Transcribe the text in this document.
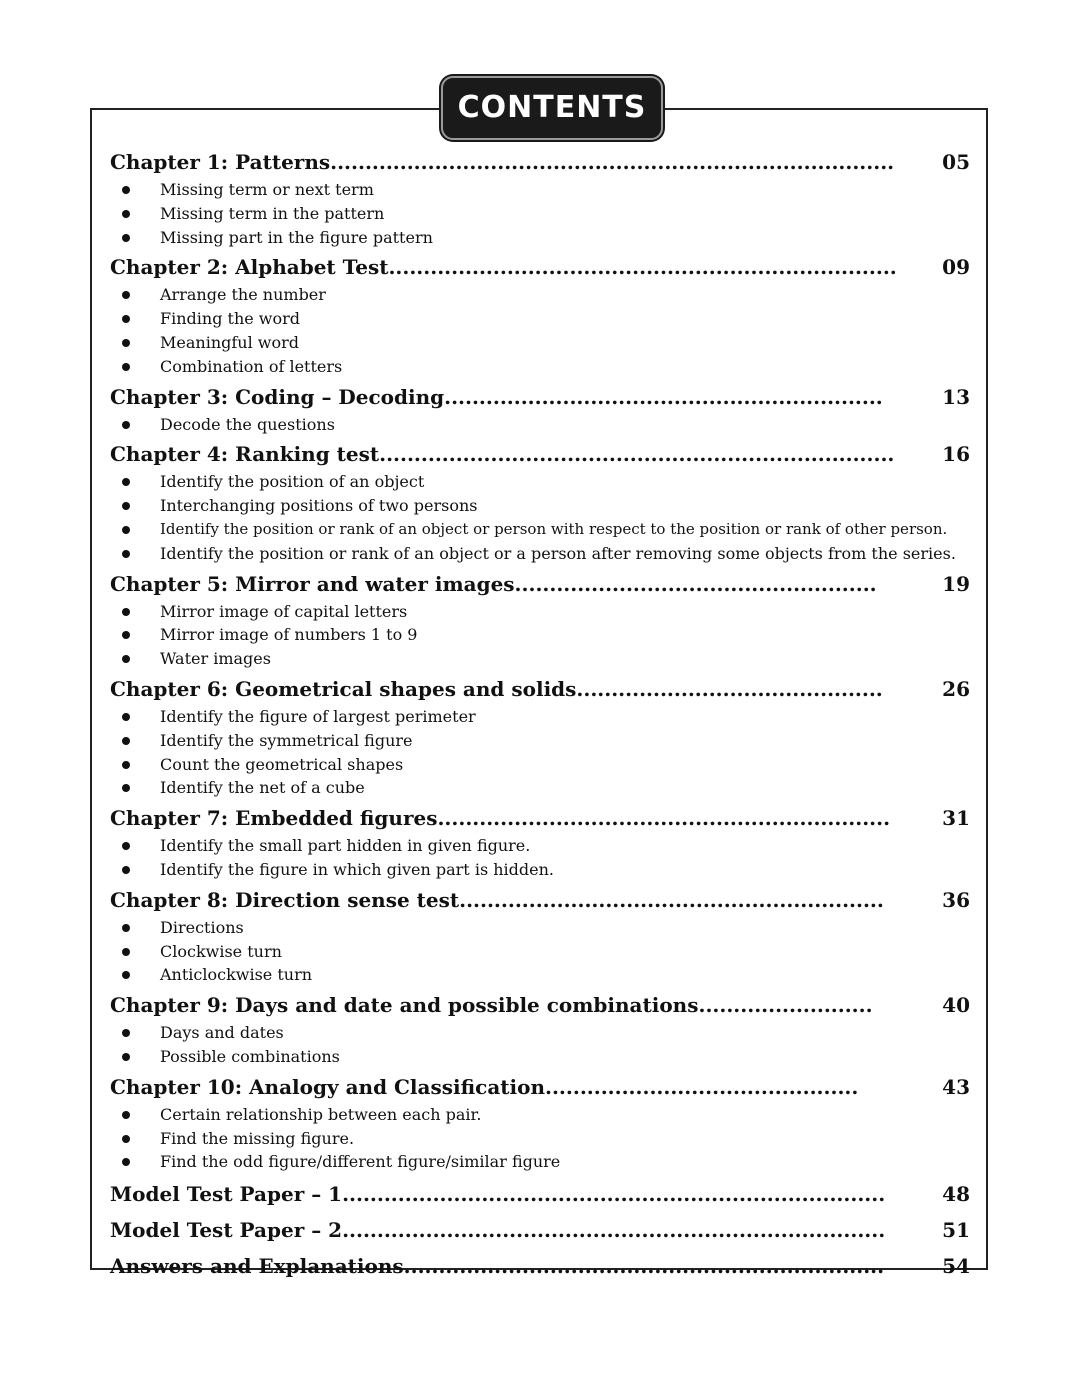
CONTENTS
Chapter 1: Patterns................................................................................. 05
Missing term or next term
Missing term in the pattern
Missing part in the figure pattern
Chapter 2: Alphabet Test......................................................................... 09
Arrange the number
Finding the word
Meaningful word
Combination of letters
Chapter 3: Coding – Decoding...............................................................	13
Decode the questions
Chapter 4: Ranking test.......................................................................... 16
Identify the position of an object
Interchanging positions of two persons
Identify the position or rank of an object or person with respect to the position or rank of other person.
Identify the position or rank of an object or a person after removing some objects from the series.
Chapter 5: Mirror and water images....................................................	19
Mirror image of capital letters
Mirror image of numbers 1 to 9
Water images
Chapter 6: Geometrical shapes and solids............................................	26
Identify the figure of largest perimeter
Identify the symmetrical figure
Count the geometrical shapes
Identify the net of a cube
Chapter 7: Embedded figures.................................................................	31
Identify the small part hidden in given figure.
Identify the figure in which given part is hidden.
Chapter 8: Direction sense test.............................................................	36
Directions
Clockwise turn
Anticlockwise turn
Chapter 9: Days and date and possible combinations.........................	40
Days and dates
Possible combinations
Chapter 10: Analogy and Classification.............................................	43
Certain relationship between each pair.
Find the missing figure.
Find the odd figure/different figure/similar figure
Model Test Paper – 1..............................................................................	48
Model Test Paper – 2..............................................................................	51
Answers and Explanations.....................................................................	54
